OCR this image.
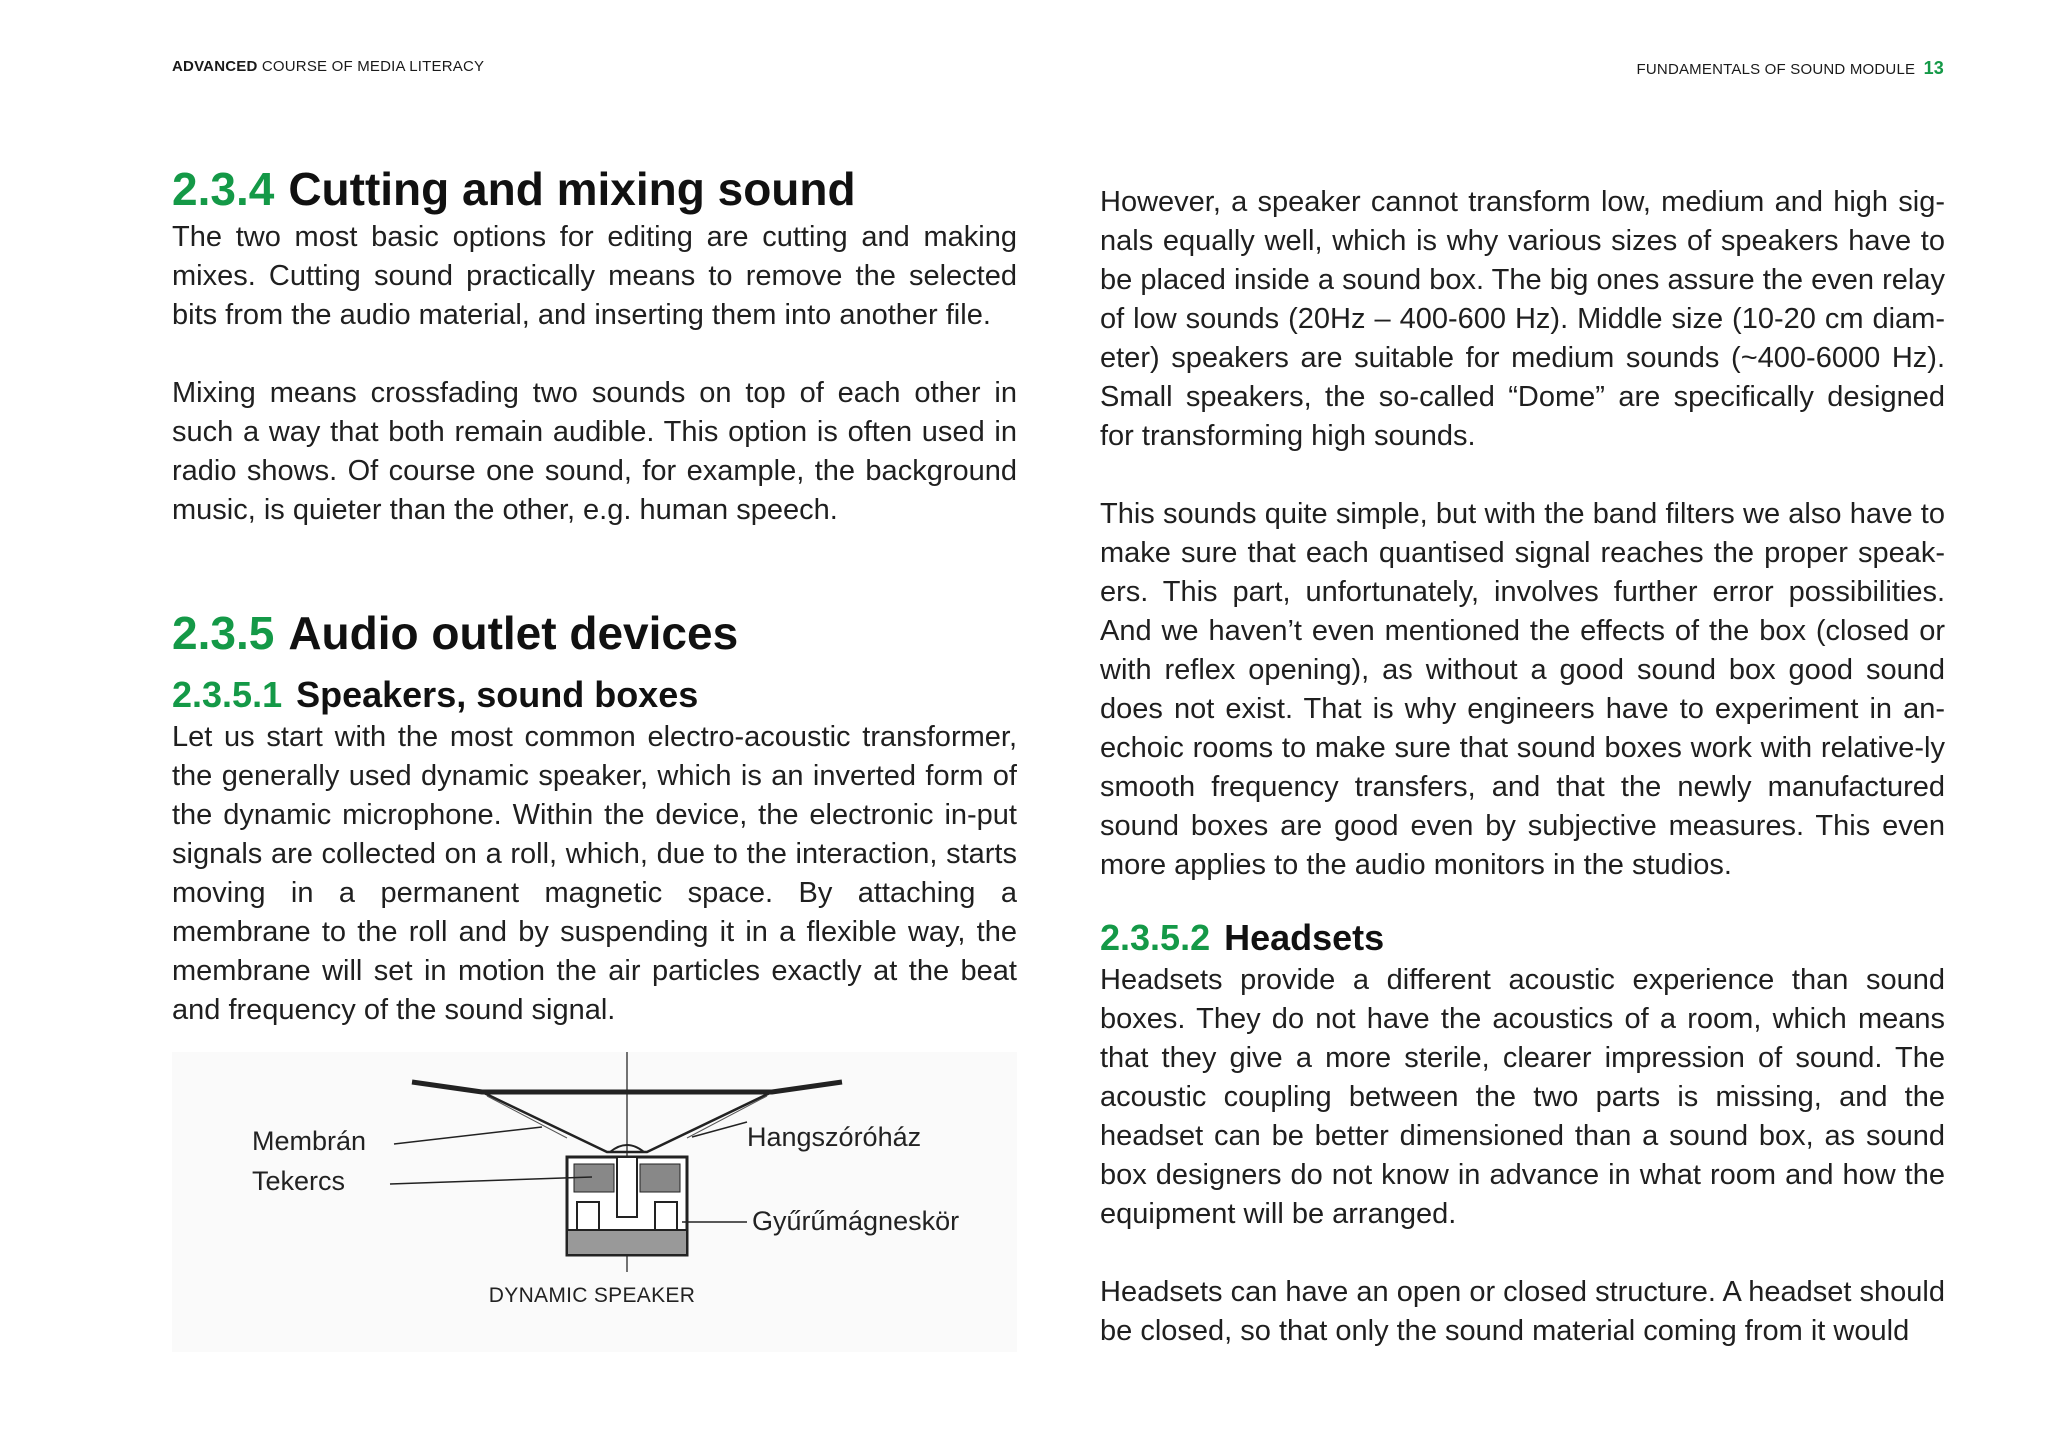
ADVANCED COURSE OF MEDIA LITERACY	FUNDAMENTALS OF SOUND MODULE 13
2.3.4 Cutting and mixing sound

The two most basic options for editing are cutting and making mixes. Cutting sound practically means to remove the selected bits from the audio material, and inserting them into another file.

Mixing means crossfading two sounds on top of each other in such a way that both remain audible. This option is often used in radio shows. Of course one sound, for example, the background music, is quieter than the other, e.g. human speech.

2.3.5 Audio outlet devices
2.3.5.1 Speakers, sound boxes

Let us start with the most common electro-acoustic transformer, the generally used dynamic speaker, which is an inverted form of the dynamic microphone. Within the device, the electronic in-put signals are collected on a roll, which, due to the interaction, starts moving in a permanent magnetic space. By attaching a membrane to the roll and by suspending it in a flexible way, the membrane will set in motion the air particles exactly at the beat and frequency of the sound signal.

Membrán
Tekercs
Hangszóróház
Gyűrűmágneskör
DYNAMIC SPEAKER

However, a speaker cannot transform low, medium and high sig-nals equally well, which is why various sizes of speakers have to be placed inside a sound box. The big ones assure the even relay of low sounds (20Hz – 400-600 Hz). Middle size (10-20 cm diam-eter) speakers are suitable for medium sounds (~400-6000 Hz). Small speakers, the so-called “Dome” are specifically designed for transforming high sounds.

This sounds quite simple, but with the band filters we also have to make sure that each quantised signal reaches the proper speak-ers. This part, unfortunately, involves further error possibilities. And we haven’t even mentioned the effects of the box (closed or with reflex opening), as without a good sound box good sound does not exist. That is why engineers have to experiment in an-echoic rooms to make sure that sound boxes work with relative-ly smooth frequency transfers, and that the newly manufactured sound boxes are good even by subjective measures. This even more applies to the audio monitors in the studios.

2.3.5.2 Headsets

Headsets provide a different acoustic experience than sound boxes. They do not have the acoustics of a room, which means that they give a more sterile, clearer impression of sound. The acoustic coupling between the two parts is missing, and the headset can be better dimensioned than a sound box, as sound box designers do not know in advance in what room and how the equipment will be arranged.

Headsets can have an open or closed structure. A headset should be closed, so that only the sound material coming from it would
